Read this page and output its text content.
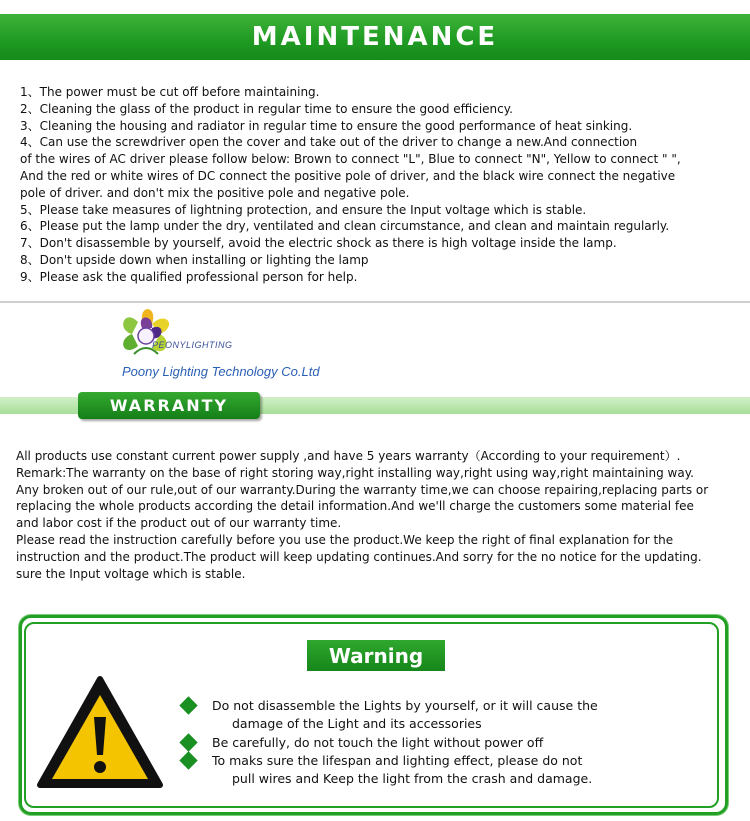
MAINTENANCE

1、The power must be cut off before maintaining.

2、Cleaning the glass of the product in regular time to ensure the good efficiency.

3、Cleaning the housing and radiator in regular time to ensure the good performance of heat sinking.

4、Can use the screwdriver open the cover and take out of the driver to change a new.And connection

of the wires of AC driver please follow below: Brown to connect "L", Blue to connect "N", Yellow to connect " ",

And the red or white wires of DC connect the positive pole of driver, and the black wire connect the negative

pole of driver. and don't mix the positive pole and negative pole.

5、Please take measures of lightning protection, and ensure the Input voltage which is stable.

6、Please put the lamp under the dry, ventilated and clean circumstance, and clean and maintain regularly.

7、Don't disassemble by yourself, avoid the electric shock as there is high voltage inside the lamp.

8、Don't upside down when installing or lighting the lamp

9、Please ask the qualified professional person for help.

PEONYLIGHTING
Poony Lighting Technology Co.Ltd
WARRANTY

All products use constant current power supply ,and have 5 years warranty（According to your requirement）.

Remark:The warranty on the base of right storing way,right installing way,right using way,right maintaining way.

Any broken out of our rule,out of our warranty.During the warranty time,we can choose repairing,replacing parts or

replacing the whole products according the detail information.And we'll charge the customers some material fee

and labor cost if the product out of our warranty time.

Please read the instruction carefully before you use the product.We keep the right of final explanation for the

instruction and the product.The product will keep updating continues.And sorry for the no notice for the updating.

sure the Input voltage which is stable.

Warning
Do not disassemble the Lights by yourself, or it will cause the
damage of the Light and its accessories
Be carefully, do not touch the light without power off
To maks sure the lifespan and lighting effect, please do not
pull wires and Keep the light from the crash and damage.
